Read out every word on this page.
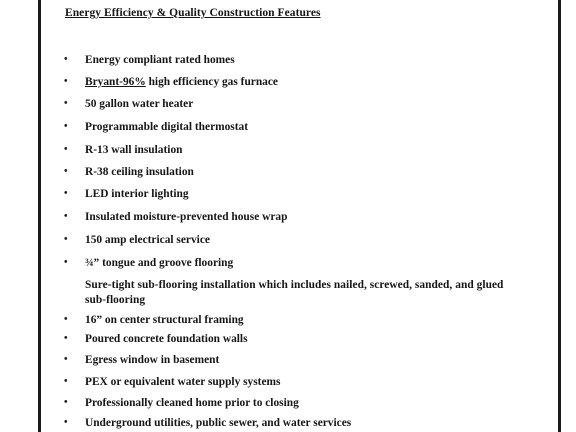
Energy Efficiency & Quality Construction Features
• Energy compliant rated homes
• Bryant-96% high efficiency gas furnace
• 50 gallon water heater
• Programmable digital thermostat
• R-13 wall insulation
• R-38 ceiling insulation
• LED interior lighting
• Insulated moisture-prevented house wrap
• 150 amp electrical service
• ¾” tongue and groove flooring
Sure-tight sub-flooring installation which includes nailed, screwed, sanded, and glued sub-flooring
• 16” on center structural framing
• Poured concrete foundation walls
• Egress window in basement
• PEX or equivalent water supply systems
• Professionally cleaned home prior to closing
• Underground utilities, public sewer, and water services
